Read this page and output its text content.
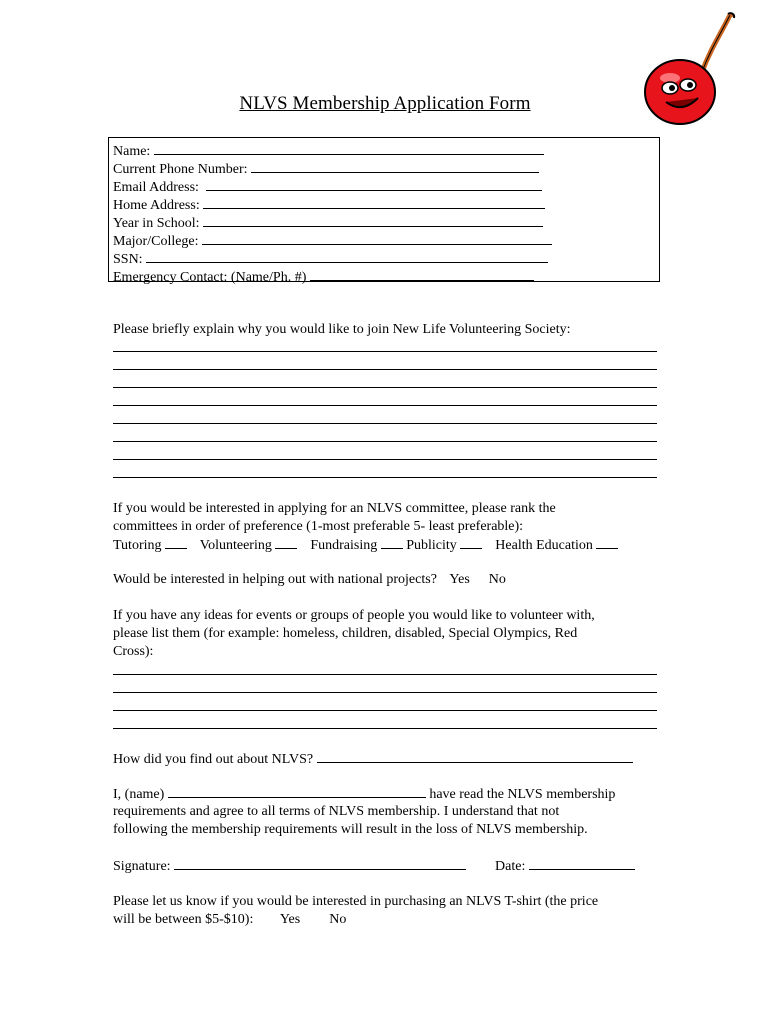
NLVS Membership Application Form
Name:
Current Phone Number:
Email Address:
Home Address:
Year in School:
Major/College:
SSN:
Emergency Contact: (Name/Ph. #)
Please briefly explain why you would like to join New Life Volunteering Society:
If you would be interested in applying for an NLVS committee, please rank the
committees in order of preference (1-most preferable 5- least preferable):
Tutoring	Volunteering	Fundraising Publicity	Health Education
Would be interested in helping out with national projects? Yes No
If you have any ideas for events or groups of people you would like to volunteer with,
please list them (for example: homeless, children, disabled, Special Olympics, Red
Cross):
How did you find out about NLVS?
I, (name)	have read the NLVS membership
requirements and agree to all terms of NLVS membership. I understand that not
following the membership requirements will result in the loss of NLVS membership.
Signature:	Date:
Please let us know if you would be interested in purchasing an NLVS T-shirt (the price
will be between $5-$10): Yes No
